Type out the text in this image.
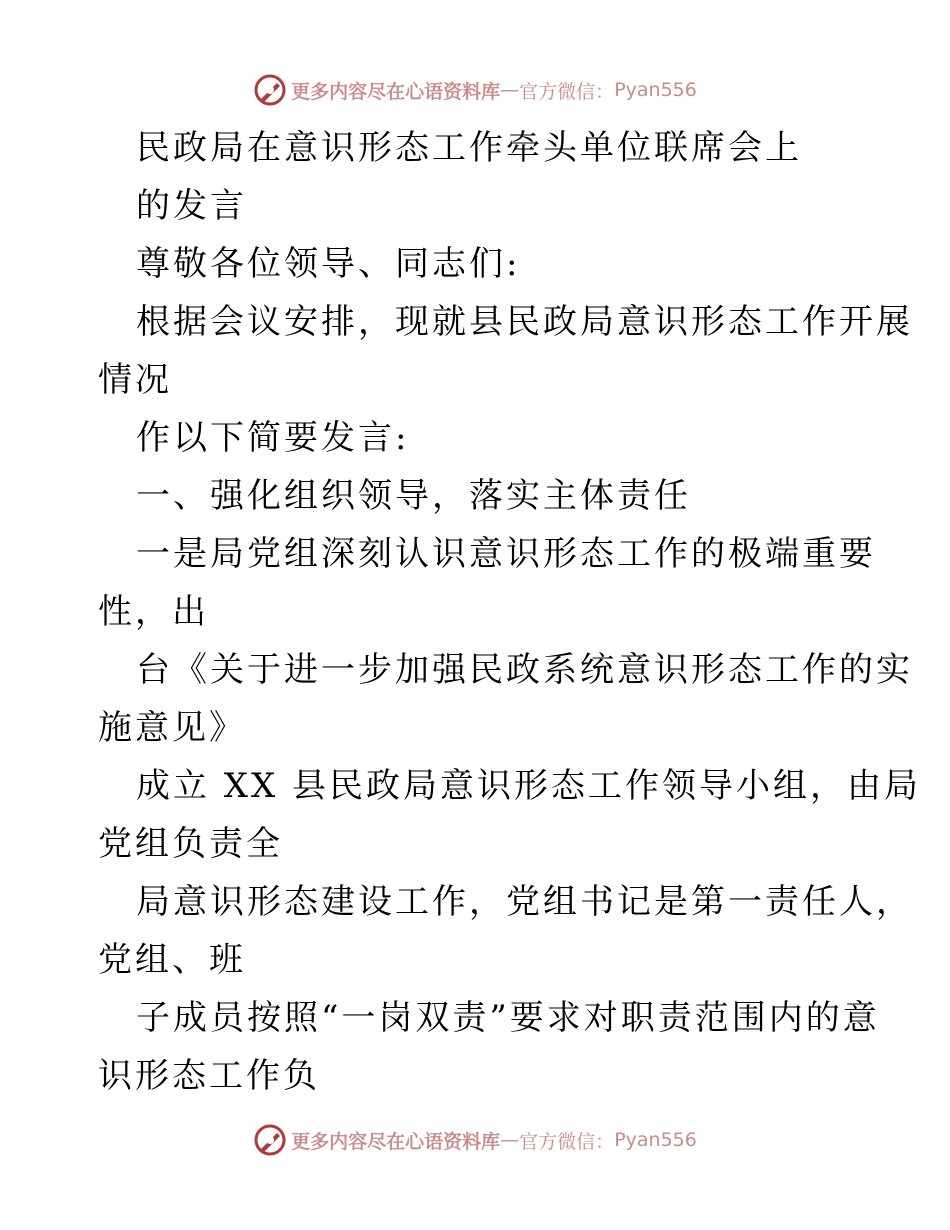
更多内容尽在心语资料库 — 官方微信： Pyan556
民政局在意识形态工作牵头单位联席会上
的发言
尊敬各位领导、同志们:
根据会议安排，现就县民政局意识形态工作开展
情况
作以下简要发言:
一、强化组织领导，落实主体责任
一是局党组深刻认识意识形态工作的极端重要
性，出
台《关于进一步加强民政系统意识形态工作的实
施意见》
成立 XX 县民政局意识形态工作领导小组，由局
党组负责全
局意识形态建设工作，党组书记是第一责任人，
党组、班
子成员按照“一岗双责”要求对职责范围内的意
识形态工作负
更多内容尽在心语资料库 — 官方微信： Pyan556
